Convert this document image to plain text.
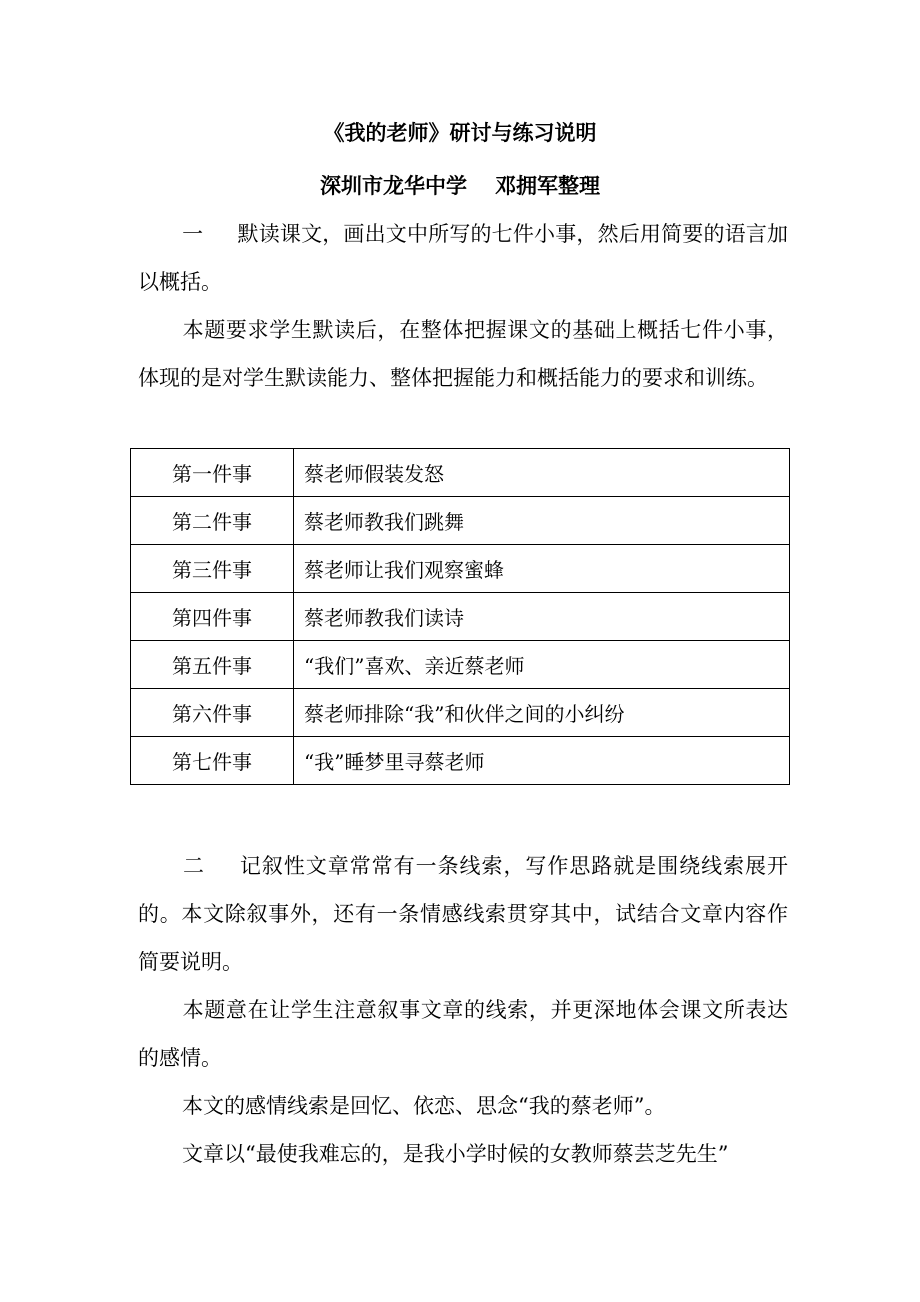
《我的老师》研讨与练习说明
深圳市龙华中学 邓拥军整理
一 默读课文，画出文中所写的七件小事，然后用简要的语言加以概括。
本题要求学生默读后，在整体把握课文的基础上概括七件小事，体现的是对学生默读能力、整体把握能力和概括能力的要求和训练。
第一件事	蔡老师假装发怒
第二件事	蔡老师教我们跳舞
第三件事	蔡老师让我们观察蜜蜂
第四件事	蔡老师教我们读诗
第五件事	“我们”喜欢、亲近蔡老师
第六件事	蔡老师排除“我”和伙伴之间的小纠纷
第七件事	“我”睡梦里寻蔡老师
二 记叙性文章常常有一条线索，写作思路就是围绕线索展开的。本文除叙事外，还有一条情感线索贯穿其中，试结合文章内容作简要说明。
本题意在让学生注意叙事文章的线索，并更深地体会课文所表达的感情。
本文的感情线索是回忆、依恋、思念“我的蔡老师”。
文章以“最使我难忘的，是我小学时候的女教师蔡芸芝先生”
